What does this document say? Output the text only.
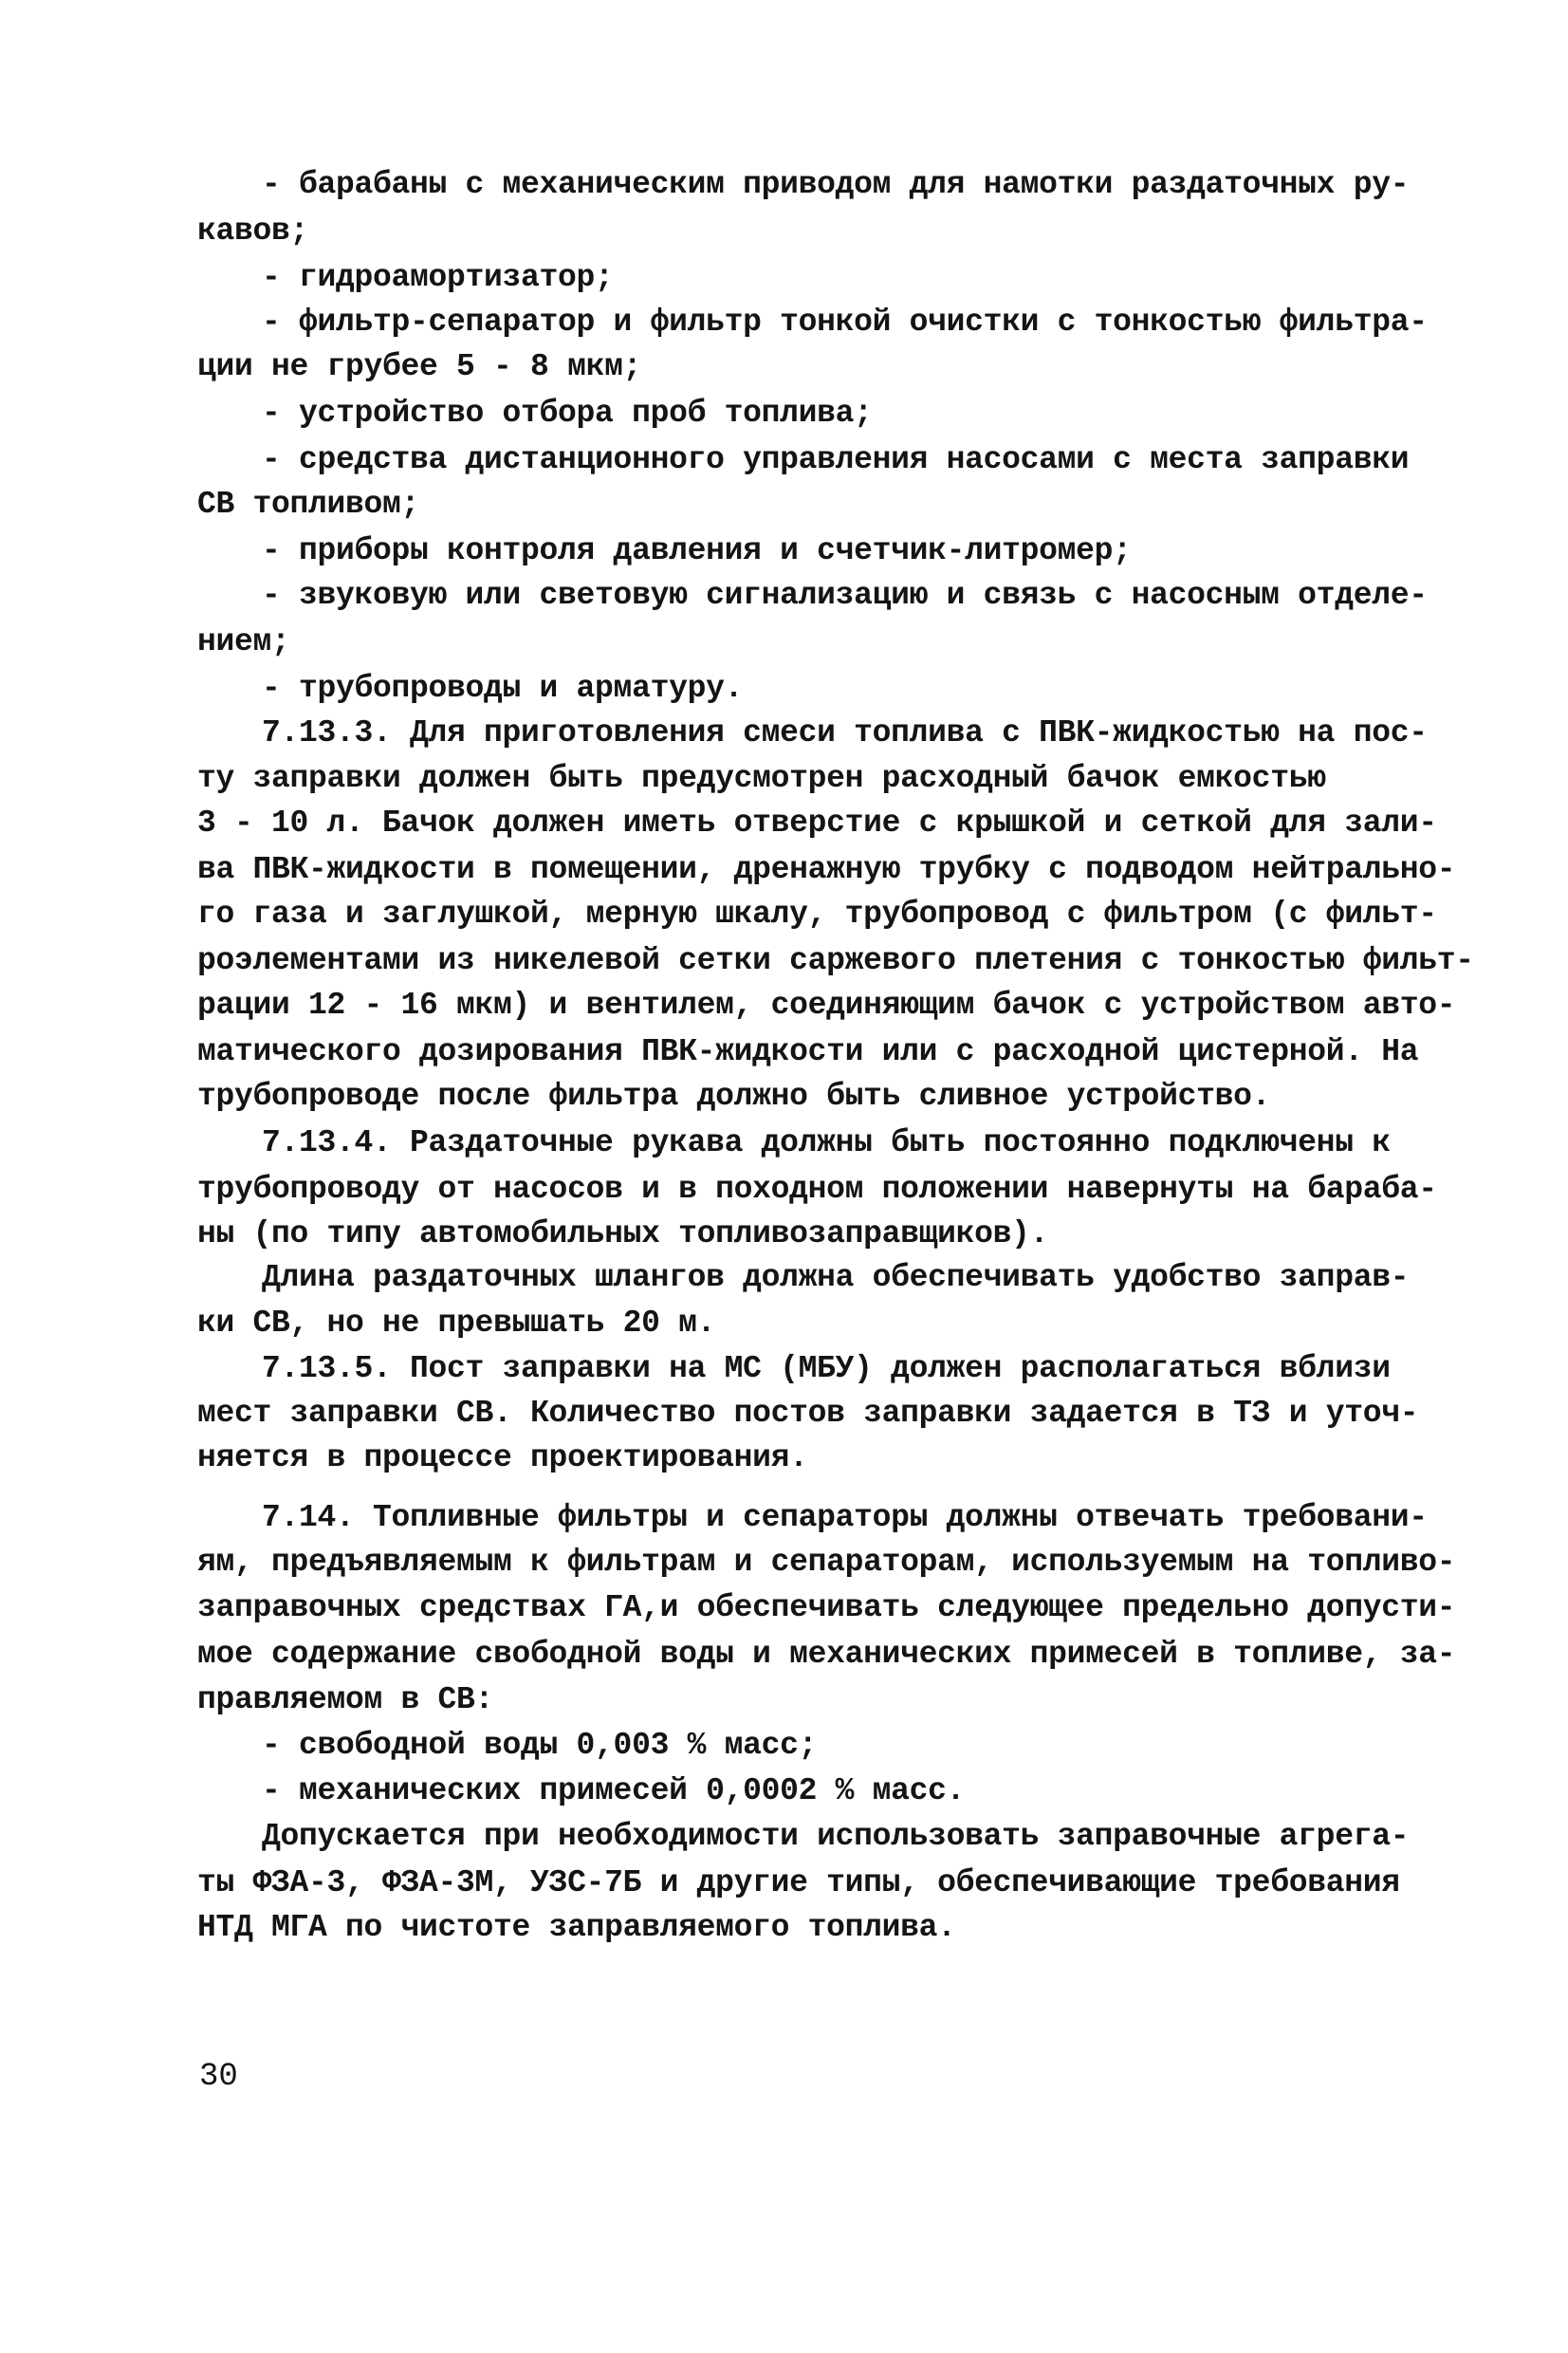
- барабаны с механическим приводом для намотки раздаточных ру-
кавов;
- гидроамортизатор;
- фильтр-сепаратор и фильтр тонкой очистки с тонкостью фильтра-
ции не грубее 5 - 8 мкм;
- устройство отбора проб топлива;
- средства дистанционного управления насосами с места заправки
СВ топливом;
- приборы контроля давления и счетчик-литромер;
- звуковую или световую сигнализацию и связь с насосным отделе-
нием;
- трубопроводы и арматуру.
7.13.3. Для приготовления смеси топлива с ПВК-жидкостью на пос-
ту заправки должен быть предусмотрен расходный бачок емкостью
3 - 10 л. Бачок должен иметь отверстие с крышкой и сеткой для зали-
ва ПВК-жидкости в помещении, дренажную трубку с подводом нейтрально-
го газа и заглушкой, мерную шкалу, трубопровод с фильтром (с фильт-
роэлементами из никелевой сетки саржевого плетения с тонкостью фильт-
рации 12 - 16 мкм) и вентилем, соединяющим бачок с устройством авто-
матического дозирования ПВК-жидкости или с расходной цистерной. На
трубопроводе после фильтра должно быть сливное устройство.
7.13.4. Раздаточные рукава должны быть постоянно подключены к
трубопроводу от насосов и в походном положении навернуты на бараба-
ны (по типу автомобильных топливозаправщиков).
Длина раздаточных шлангов должна обеспечивать удобство заправ-
ки СВ, но не превышать 20 м.
7.13.5. Пост заправки на МС (МБУ) должен располагаться вблизи
мест заправки СВ. Количество постов заправки задается в ТЗ и уточ-
няется в процессе проектирования.
7.14. Топливные фильтры и сепараторы должны отвечать требовани-
ям, предъявляемым к фильтрам и сепараторам, используемым на топливо-
заправочных средствах ГА,и обеспечивать следующее предельно допусти-
мое содержание свободной воды и механических примесей в топливе, за-
правляемом в СВ:
- свободной воды 0,003 % масс;
- механических примесей 0,0002 % масс.
Допускается при необходимости использовать заправочные агрега-
ты ФЗА-3, ФЗА-3М, УЗС-7Б и другие типы, обеспечивающие требования
НТД МГА по чистоте заправляемого топлива.
30
